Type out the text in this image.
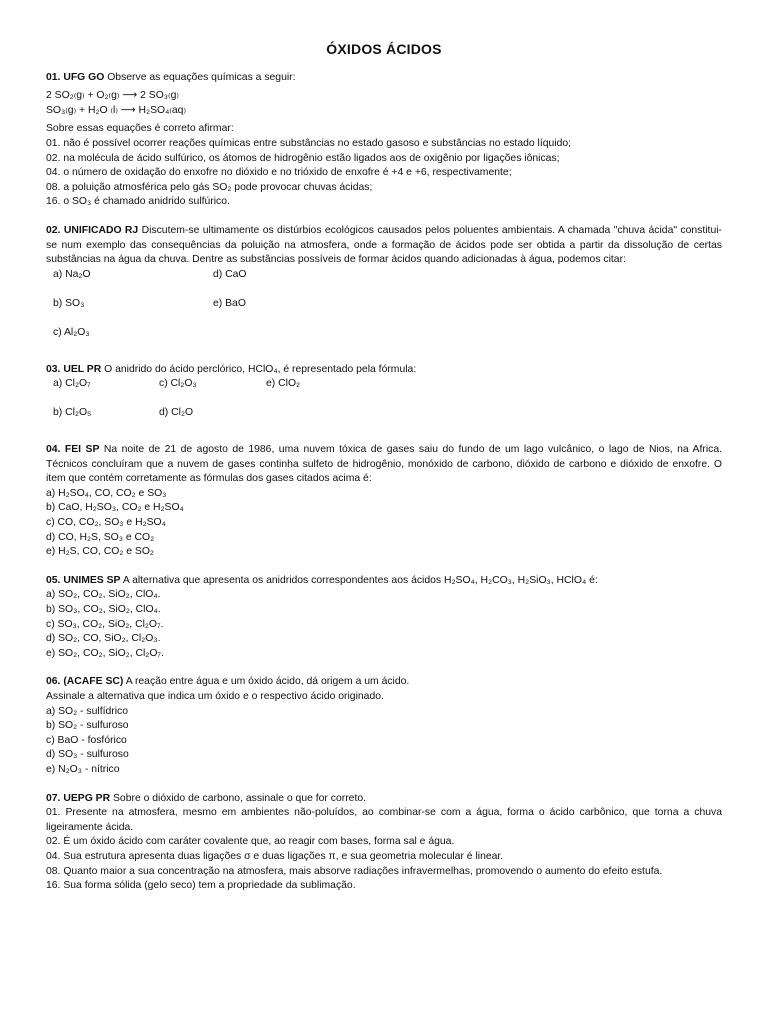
ÓXIDOS ÁCIDOS

01. UFG GO Observe as equações químicas a seguir:

2 SO₂₍g₎ + O₂₍g₎ ⟶ 2 SO₃₍g₎

SO₃₍g₎ + H₂O ₍l₎ ⟶ H₂SO₄₍aq₎

Sobre essas equações é correto afirmar:

01. não é possível ocorrer reações químicas entre substâncias no estado gasoso e substâncias no estado líquido;

02. na molécula de ácido sulfúrico, os átomos de hidrogênio estão ligados aos de oxigênio por ligações iônicas;

04. o número de oxidação do enxofre no dióxido e no trióxido de enxofre é +4 e +6, respectivamente;

08. a poluição atmosférica pelo gás SO₂ pode provocar chuvas ácidas;

16. o SO₃ é chamado anidrido sulfúrico.

02. UNIFICADO RJ Discutem-se ultimamente os distúrbios ecológicos causados pelos poluentes ambientais. A chamada "chuva ácida" constitui-se num exemplo das consequências da poluição na atmosfera, onde a formação de ácidos pode ser obtida a partir da dissolução de certas substâncias na água da chuva. Dentre as substâncias possíveis de formar ácidos quando adicionadas à água, podemos citar:

a) Na₂O	d) CaO
b) SO₃	e) BaO
c) Al₂O₃

03. UEL PR O anidrido do ácido perclórico, HClO₄, é representado pela fórmula:

a) Cl₂O₇	c) Cl₂O₃	e) ClO₂
b) Cl₂O₅	d) Cl₂O

04. FEI SP Na noite de 21 de agosto de 1986, uma nuvem tóxica de gases saiu do fundo de um lago vulcânico, o lago de Nios, na Africa. Técnicos concluíram que a nuvem de gases continha sulfeto de hidrogênio, monóxido de carbono, dióxido de carbono e dióxido de enxofre. O item que contém corretamente as fórmulas dos gases citados acima é:

a) H₂SO₄, CO, CO₂ e SO₃

b) CaO, H₂SO₃, CO₂ e H₂SO₄

c) CO, CO₂, SO₃ e H₂SO₄

d) CO, H₂S, SO₃ e CO₂

e) H₂S, CO, CO₂ e SO₂

05. UNIMES SP A alternativa que apresenta os anidridos correspondentes aos ácidos H₂SO₄, H₂CO₃, H₂SiO₃, HClO₄ é:

a) SO₂, CO₂, SiO₂, ClO₄.

b) SO₃, CO₂, SiO₂, ClO₄.

c) SO₃, CO₂, SiO₂, Cl₂O₇.

d) SO₂, CO, SiO₂, Cl₂O₃.

e) SO₂, CO₂, SiO₂, Cl₂O₇.

06. (ACAFE SC) A reação entre água e um óxido ácido, dá origem a um ácido.

Assinale a alternativa que indica um óxido e o respectivo ácido originado.

a) SO₂ - sulfídrico

b) SO₂ - sulfuroso

c) BaO - fosfórico

d) SO₃ - sulfuroso

e) N₂O₃ - nítrico

07. UEPG PR Sobre o dióxido de carbono, assinale o que for correto.

01. Presente na atmosfera, mesmo em ambientes não-poluídos, ao combinar-se com a água, forma o ácido carbônico, que torna a chuva ligeiramente ácida.

02. É um óxido ácido com caráter covalente que, ao reagir com bases, forma sal e água.

04. Sua estrutura apresenta duas ligações σ e duas ligações π, e sua geometria molecular é linear.

08. Quanto maior a sua concentração na atmosfera, mais absorve radiações infravermelhas, promovendo o aumento do efeito estufa.

16. Sua forma sólida (gelo seco) tem a propriedade da sublimação.
